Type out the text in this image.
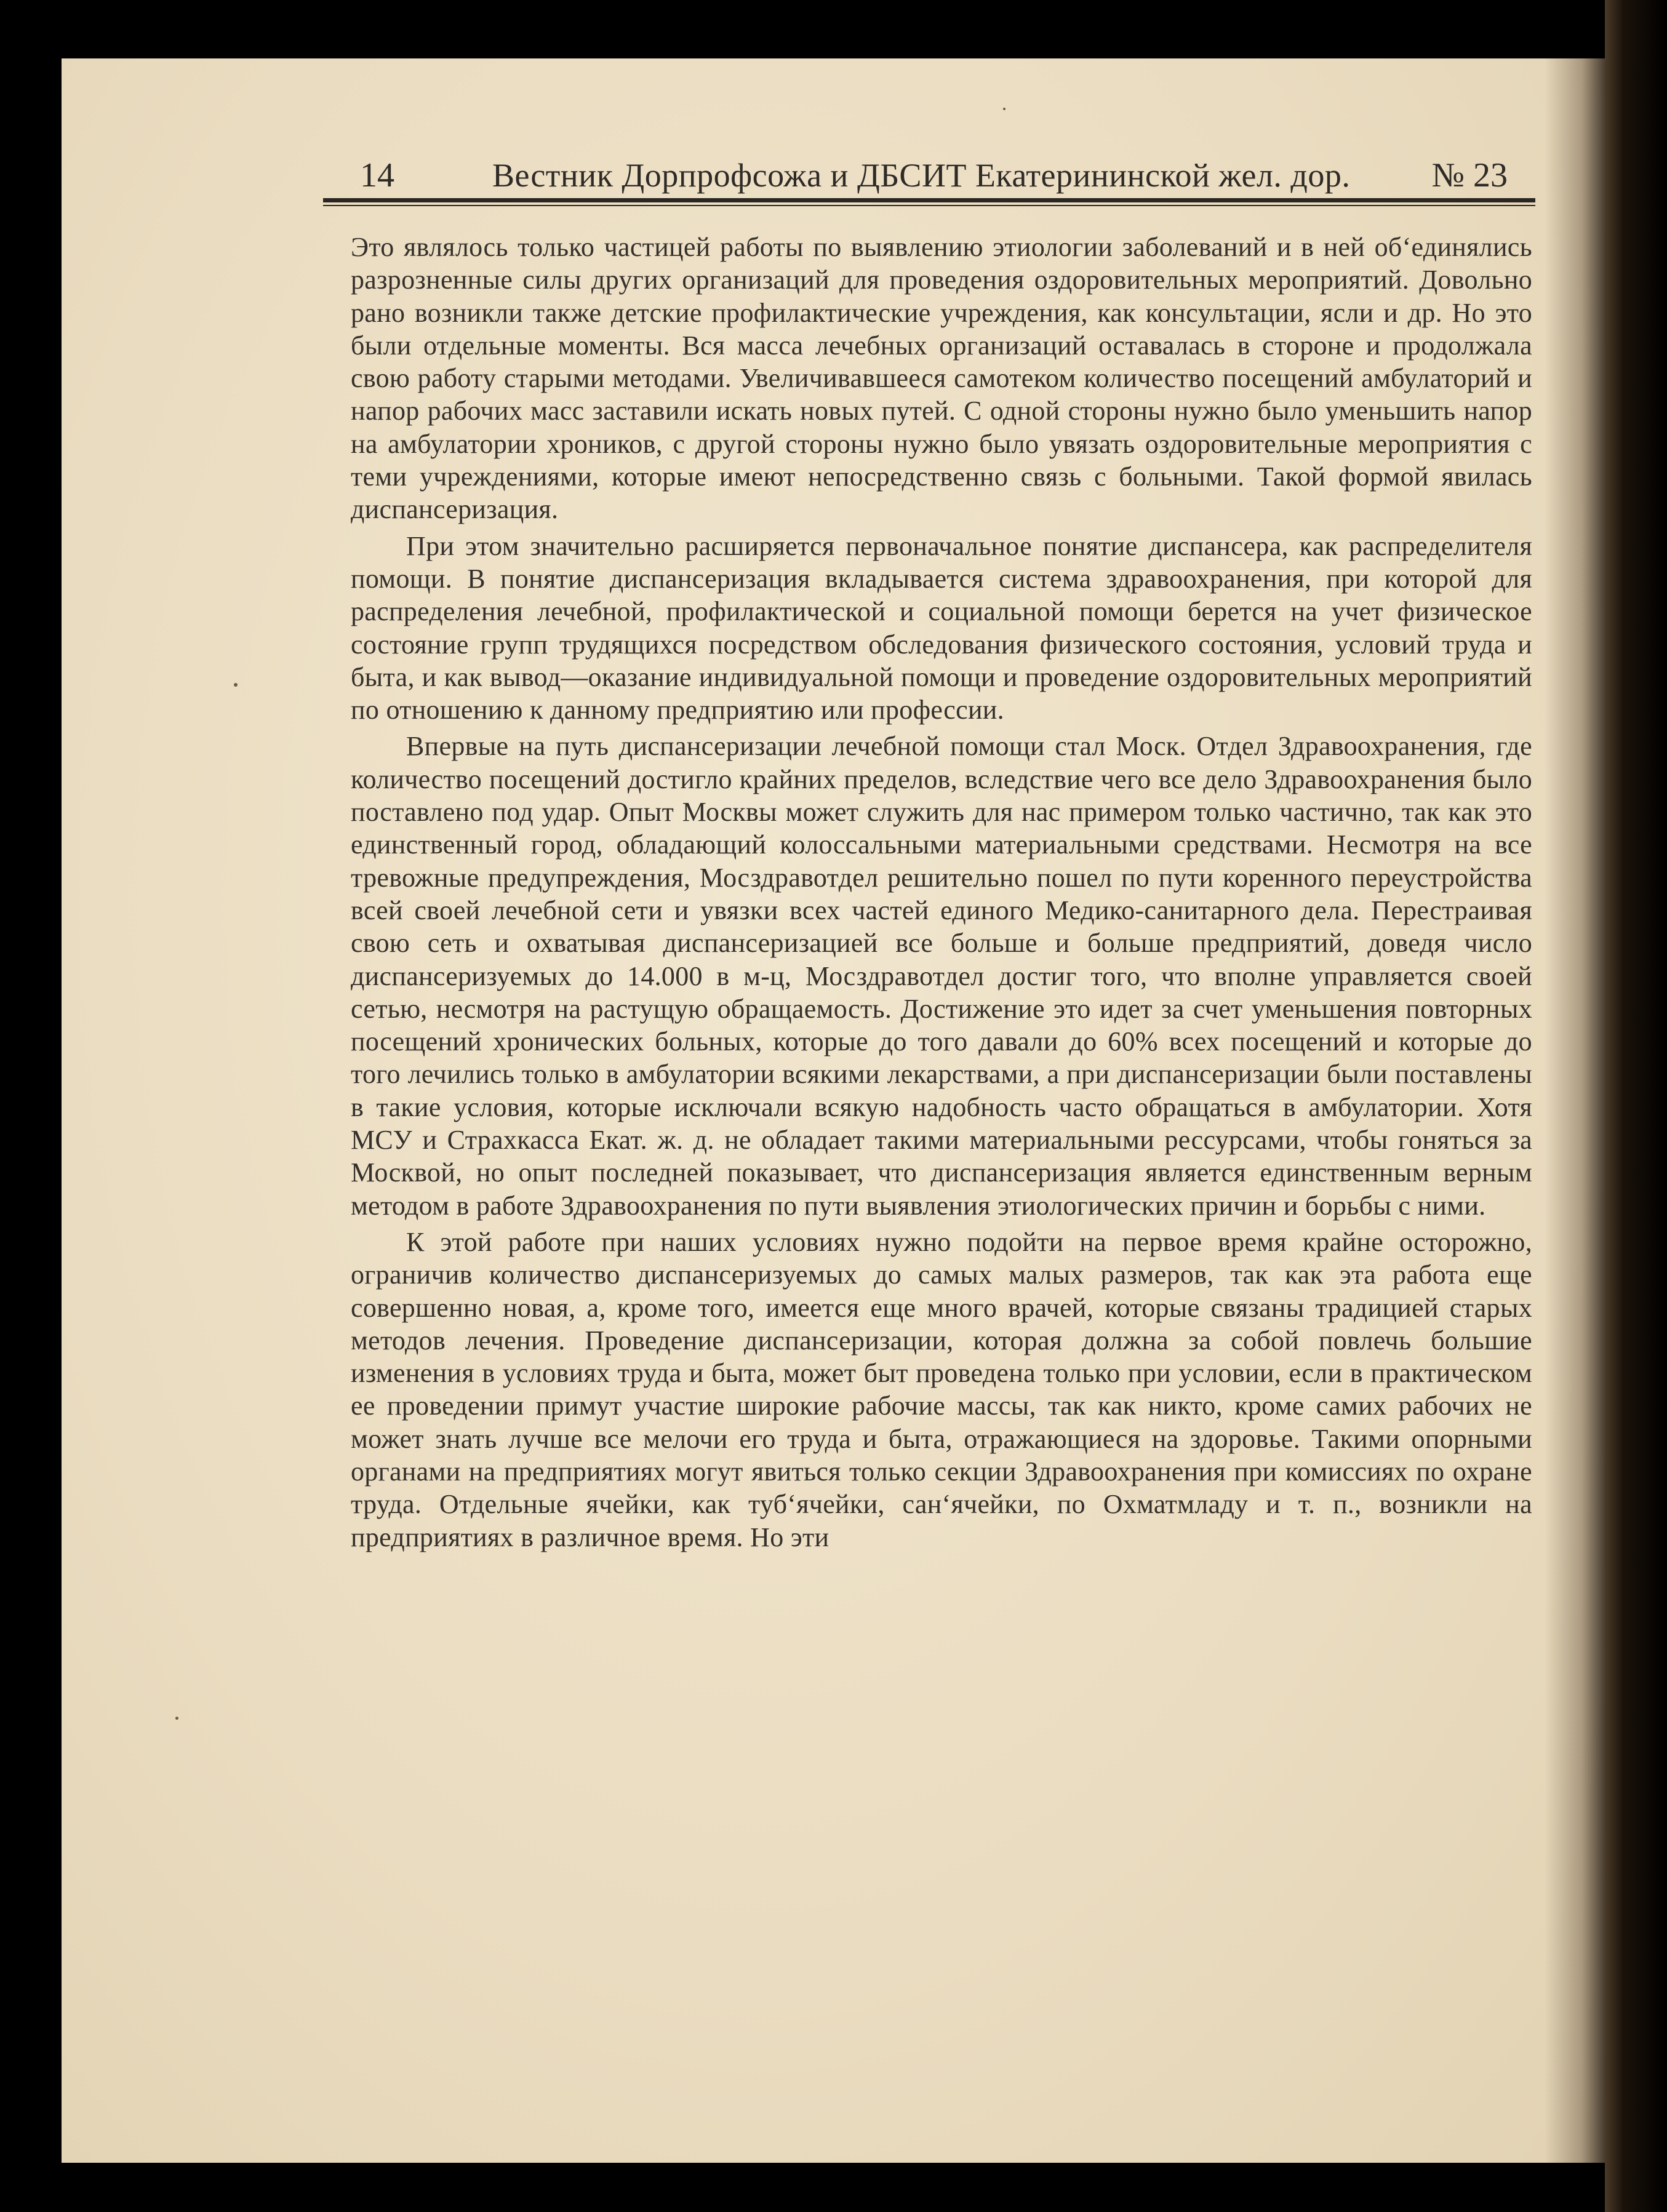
14	Вестник Дорпрофсожа и ДБСИТ Екатерининской жел. дор. № 23

Это являлось только частицей работы по выявлению этиологии заболеваний и в ней об‘единялись разрозненные силы других организаций для проведения оздоровительных мероприятий. Довольно рано возникли также детские профилактические учреждения, как консультации, ясли и др. Но это были отдельные моменты. Вся масса лечебных организаций оставалась в стороне и продолжала свою работу старыми методами. Увеличивавшееся самотеком количество посещений амбулаторий и напор рабочих масс заставили искать новых путей. С одной стороны нужно было уменьшить напор на амбулатории хроников, с другой стороны нужно было увязать оздоровительные мероприятия с теми учреждениями, которые имеют непосредственно связь с больными. Такой формой явилась диспансеризация.

При этом значительно расширяется первоначальное понятие диспансера, как распределителя помощи. В понятие диспансеризация вкладывается система здравоохранения, при которой для распределения лечебной, профилактической и социальной помощи берется на учет физическое состояние групп трудящихся посредством обследования физического состояния, условий труда и быта, и как вывод—оказание индивидуальной помощи и проведение оздоровительных мероприятий по отношению к данному предприятию или профессии.

Впервые на путь диспансеризации лечебной помощи стал Моск. Отдел Здравоохранения, где количество посещений достигло крайних пределов, вследствие чего все дело Здравоохранения было поставлено под удар. Опыт Москвы может служить для нас примером только частично, так как это единственный город, обладающий колоссальными материальными средствами. Несмотря на все тревожные предупреждения, Мосздравотдел решительно пошел по пути коренного переустройства всей своей лечебной сети и увязки всех частей единого Медико-санитарного дела. Перестраивая свою сеть и охватывая диспансеризацией все больше и больше предприятий, доведя число диспансеризуемых до 14.000 в м-ц, Мосздравотдел достиг того, что вполне управляется своей сетью, несмотря на растущую обращаемость. Достижение это идет за счет уменьшения повторных посещений хронических больных, которые до того давали до 60% всех посещений и которые до того лечились только в амбулатории всякими лекарствами, а при диспансеризации были поставлены в такие условия, которые исключали всякую надобность часто обращаться в амбулатории. Хотя МСУ и Страхкасса Екат. ж. д. не обладает такими материальными рессурсами, чтобы гоняться за Москвой, но опыт последней показывает, что диспансеризация является единственным верным методом в работе Здравоохранения по пути выявления этиологических причин и борьбы с ними.

К этой работе при наших условиях нужно подойти на первое время крайне осторожно, ограничив количество диспансеризуемых до самых малых размеров, так как эта работа еще совершенно новая, а, кроме того, имеется еще много врачей, которые связаны традицией старых методов лечения. Проведение диспансеризации, которая должна за собой повлечь большие изменения в условиях труда и быта, может быт проведена только при условии, если в практическом ее проведении примут участие широкие рабочие массы, так как никто, кроме самих рабочих не может знать лучше все мелочи его труда и быта, отражающиеся на здоровье. Такими опорными органами на предприятиях могут явиться только секции Здравоохранения при комиссиях по охране труда. Отдельные ячейки, как туб‘ячейки, сан‘ячейки, по Охматмладу и т. п., возникли на предприятиях в различное время. Но эти
